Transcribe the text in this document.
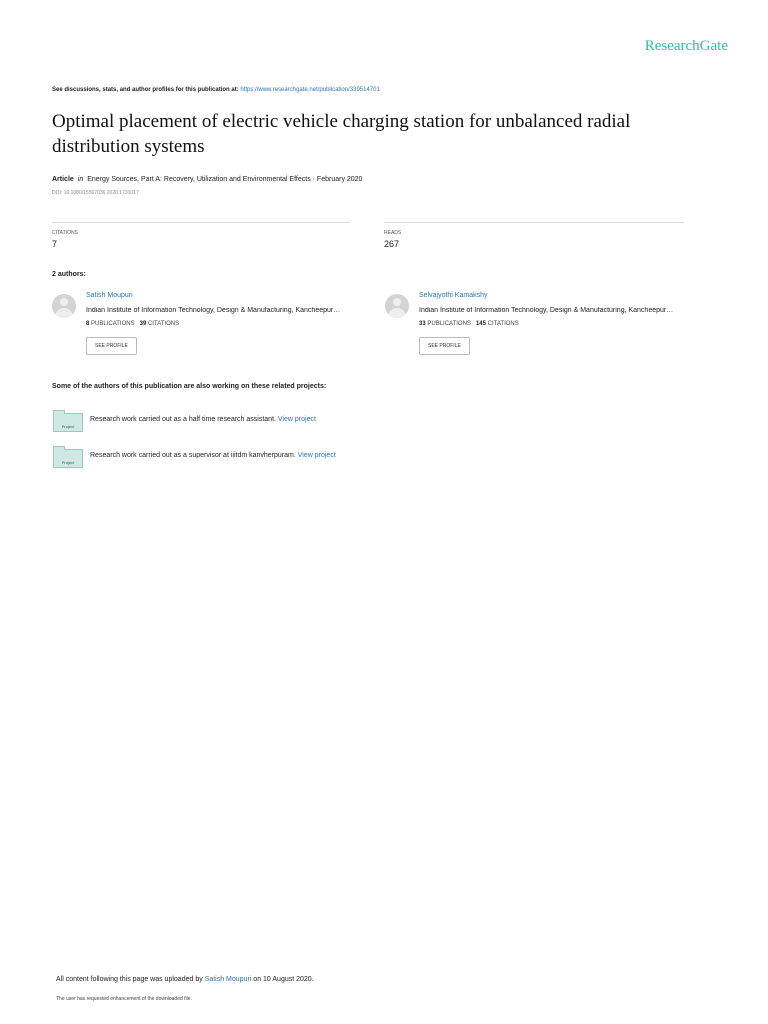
ResearchGate
See discussions, stats, and author profiles for this publication at: https://www.researchgate.net/publication/339514701
Optimal placement of electric vehicle charging station for unbalanced radial distribution systems
Article in Energy Sources, Part A: Recovery, Utilization and Environmental Effects · February 2020
DOI: 10.1080/15567036.2020.1731017
CITATIONS
7
READS
267
2 authors:
Satish Moupuri
Indian Institute of Information Technology, Design & Manufacturing, Kancheepur…
8 PUBLICATIONS 39 CITATIONS
SEE PROFILE
Selvajyothi Kamakshy
Indian Institute of Information Technology, Design & Manufacturing, Kancheepur…
33 PUBLICATIONS 145 CITATIONS
SEE PROFILE
Some of the authors of this publication are also working on these related projects:
Project
Research work carried out as a half time research assistant. View project
Project
Research work carried out as a supervisor at iiitdm kanvherpuram. View project
All content following this page was uploaded by Satish Moupuri on 10 August 2020.
The user has requested enhancement of the downloaded file.
